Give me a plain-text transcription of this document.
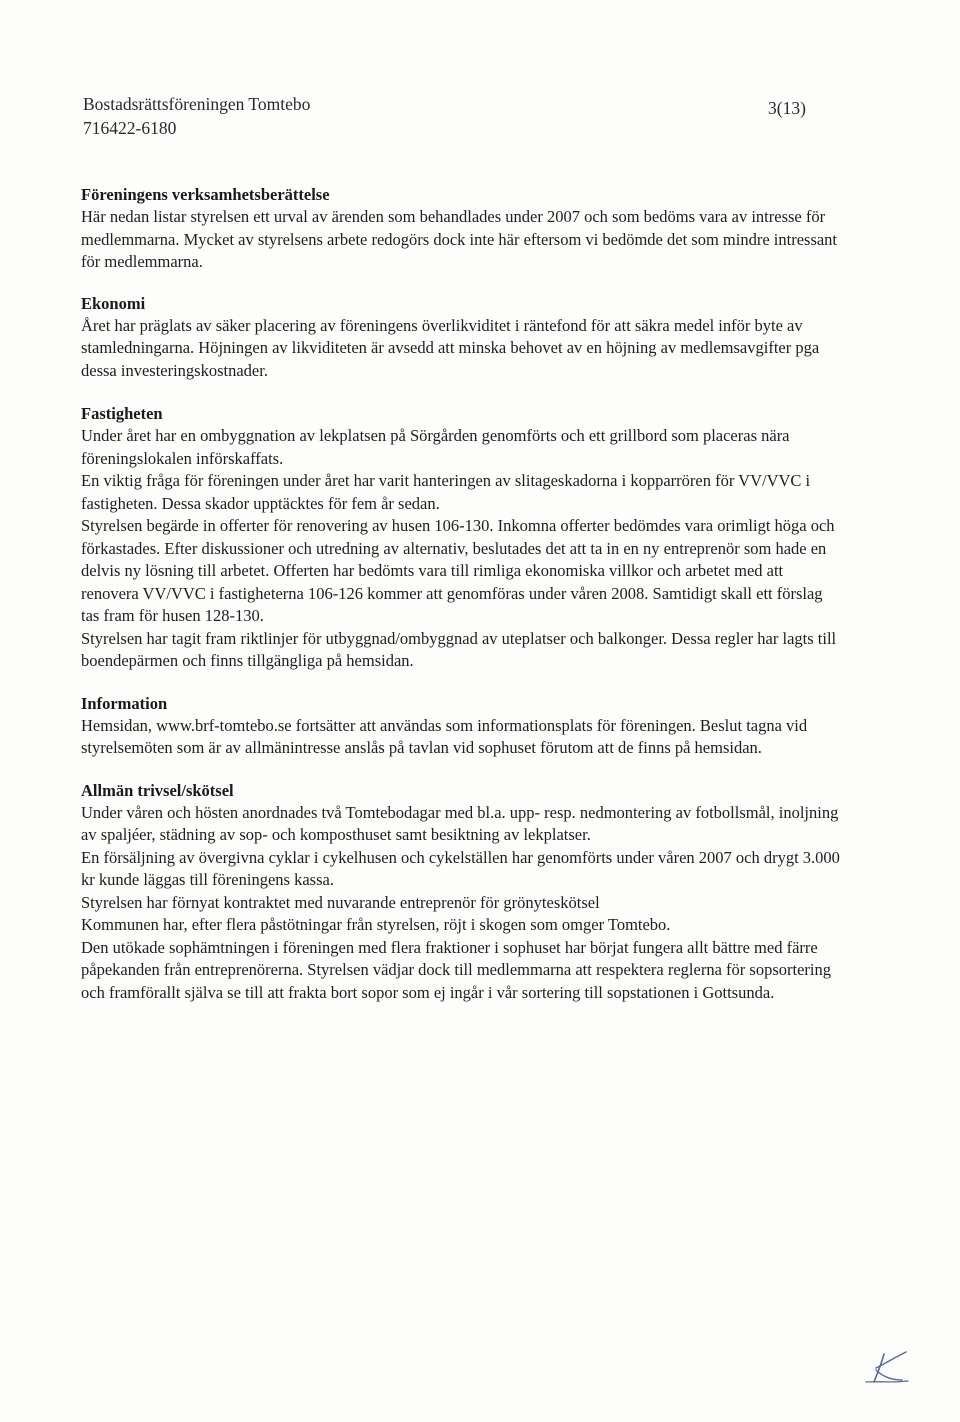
Bostadsrättsföreningen Tomtebo
716422-6180
3(13)
Föreningens verksamhetsberättelse

Här nedan listar styrelsen ett urval av ärenden som behandlades under 2007 och som bedöms vara av intresse för medlemmarna. Mycket av styrelsens arbete redogörs dock inte här eftersom vi bedömde det som mindre intressant för medlemmarna.

Ekonomi

Året har präglats av säker placering av föreningens överlikviditet i räntefond för att säkra medel inför byte av stamledningarna. Höjningen av likviditeten är avsedd att minska behovet av en höjning av medlemsavgifter pga dessa investeringskostnader.

Fastigheten

Under året har en ombyggnation av lekplatsen på Sörgården genomförts och ett grillbord som placeras nära föreningslokalen införskaffats.

En viktig fråga för föreningen under året har varit hanteringen av slitageskadorna i kopparrören för VV/VVC i fastigheten. Dessa skador upptäcktes för fem år sedan.

Styrelsen begärde in offerter för renovering av husen 106-130. Inkomna offerter bedömdes vara orimligt höga och förkastades. Efter diskussioner och utredning av alternativ, beslutades det att ta in en ny entreprenör som hade en delvis ny lösning till arbetet. Offerten har bedömts vara till rimliga ekonomiska villkor och arbetet med att renovera VV/VVC i fastigheterna 106-126 kommer att genomföras under våren 2008. Samtidigt skall ett förslag tas fram för husen 128-130.

Styrelsen har tagit fram riktlinjer för utbyggnad/ombyggnad av uteplatser och balkonger. Dessa regler har lagts till boendepärmen och finns tillgängliga på hemsidan.

Information

Hemsidan, www.brf-tomtebo.se fortsätter att användas som informationsplats för föreningen. Beslut tagna vid styrelsemöten som är av allmänintresse anslås på tavlan vid sophuset förutom att de finns på hemsidan.

Allmän trivsel/skötsel

Under våren och hösten anordnades två Tomtebodagar med bl.a. upp- resp. nedmontering av fotbollsmål, inoljning av spaljéer, städning av sop- och komposthuset samt besiktning av lekplatser.

En försäljning av övergivna cyklar i cykelhusen och cykelställen har genomförts under våren 2007 och drygt 3.000 kr kunde läggas till föreningens kassa.

Styrelsen har förnyat kontraktet med nuvarande entreprenör för grönyteskötsel

Kommunen har, efter flera påstötningar från styrelsen, röjt i skogen som omger Tomtebo.

Den utökade sophämtningen i föreningen med flera fraktioner i sophuset har börjat fungera allt bättre med färre påpekanden från entreprenörerna. Styrelsen vädjar dock till medlemmarna att respektera reglerna för sopsortering och framförallt själva se till att frakta bort sopor som ej ingår i vår sortering till sopstationen i Gottsunda.
